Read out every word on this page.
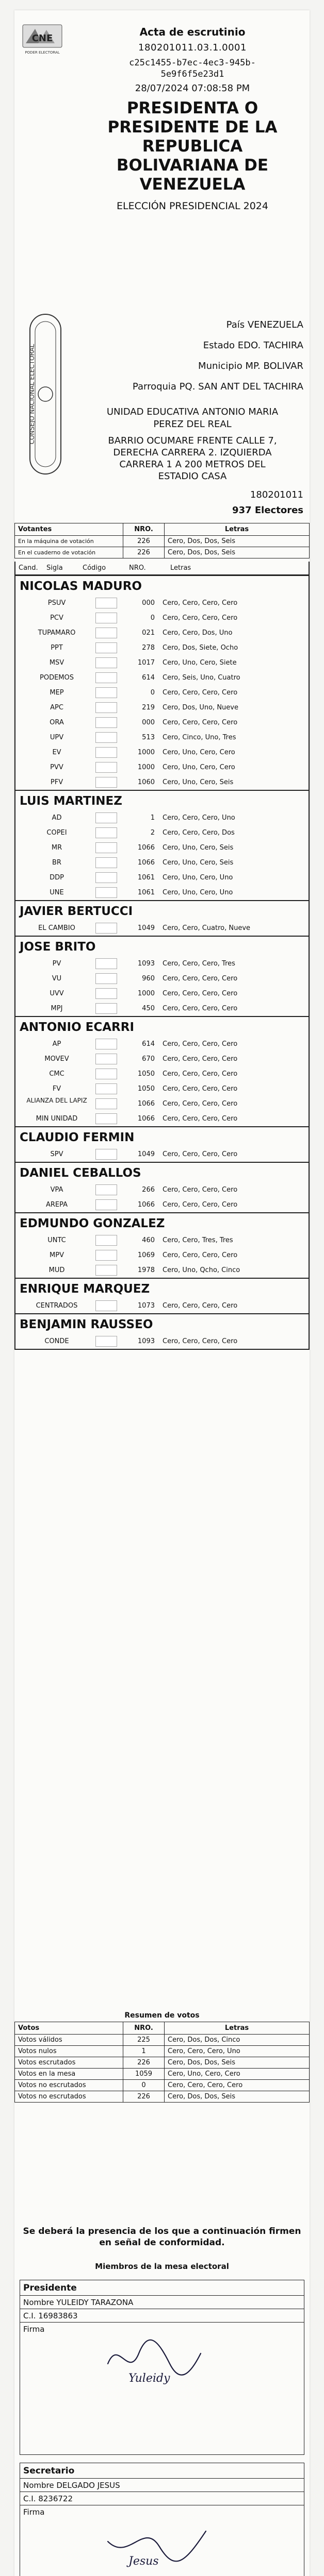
CNE
PODER ELECTORAL
Acta de escrutinio
180201011.03.1.0001
c25c1455-b7ec-4ec3-945b-
5e9f6f5e23d1
28/07/2024 07:08:58 PM
PRESIDENTA O
PRESIDENTE DE LA
REPUBLICA
BOLIVARIANA DE
VENEZUELA
ELECCIÓN PRESIDENCIAL 2024
CONSEJO NACIONAL ELECTORAL
País VENEZUELA
Estado EDO. TACHIRA
Municipio MP. BOLIVAR
Parroquia PQ. SAN ANT DEL TACHIRA
UNIDAD EDUCATIVA ANTONIO MARIA
PEREZ DEL REAL
BARRIO OCUMARE FRENTE CALLE 7,
DERECHA CARRERA 2. IZQUIERDA
CARRERA 1 A 200 METROS DEL
ESTADIO CASA
180201011
937 Electores
Votantes	NRO.	Letras
En la máquina de votación	226	Cero, Dos, Dos, Seis
En el cuaderno de votación	226	Cero, Dos, Dos, Seis
Cand.	Sigla	Código	NRO.	Letras
NICOLAS MADURO
PSUV	000 Cero, Cero, Cero, Cero
PCV	0 Cero, Cero, Cero, Cero
TUPAMARO	021 Cero, Cero, Dos, Uno
PPT	278 Cero, Dos, Siete, Ocho
MSV	1017 Cero, Uno, Cero, Siete
PODEMOS	614 Cero, Seis, Uno, Cuatro
MEP	0 Cero, Cero, Cero, Cero
APC	219 Cero, Dos, Uno, Nueve
ORA	000 Cero, Cero, Cero, Cero
UPV	513 Cero, Cinco, Uno, Tres
EV	1000 Cero, Uno, Cero, Cero
PVV	1000 Cero, Uno, Cero, Cero
PFV	1060 Cero, Uno, Cero, Seis
LUIS MARTINEZ
AD	1 Cero, Cero, Cero, Uno
COPEI	2 Cero, Cero, Cero, Dos
MR	1066 Cero, Uno, Cero, Seis
BR	1066 Cero, Uno, Cero, Seis
DDP	1061 Cero, Uno, Cero, Uno
UNE	1061 Cero, Uno, Cero, Uno
JAVIER BERTUCCI
EL CAMBIO	1049 Cero, Cero, Cuatro, Nueve
JOSE BRITO
PV	1093 Cero, Cero, Cero, Tres
VU	960 Cero, Cero, Cero, Cero
UVV	1000 Cero, Cero, Cero, Cero
MPJ	450 Cero, Cero, Cero, Cero
ANTONIO ECARRI
AP	614 Cero, Cero, Cero, Cero
MOVEV	670 Cero, Cero, Cero, Cero
CMC	1050 Cero, Cero, Cero, Cero
FV	1050 Cero, Cero, Cero, Cero
ALIANZA DEL LAPIZ	1066 Cero, Cero, Cero, Cero
MIN UNIDAD	1066 Cero, Cero, Cero, Cero
CLAUDIO FERMIN
SPV	1049 Cero, Cero, Cero, Cero
DANIEL CEBALLOS
VPA	266 Cero, Cero, Cero, Cero
AREPA	1066 Cero, Cero, Cero, Cero
EDMUNDO GONZALEZ
UNTC	460 Cero, Cero, Tres, Tres
MPV	1069 Cero, Cero, Cero, Cero
MUD	1978 Cero, Uno, Qcho, Cinco
ENRIQUE MARQUEZ
CENTRADOS	1073 Cero, Cero, Cero, Cero
BENJAMIN RAUSSEO
CONDE	1093 Cero, Cero, Cero, Cero
Resumen de votos
Votos	NRO.	Letras
Votos válidos	225	Cero, Dos, Dos, Cinco
Votos nulos	1	Cero, Cero, Cero, Uno
Votos escrutados	226	Cero, Dos, Dos, Seis
Votos en la mesa	1059	Cero, Uno, Cero, Cero
Votos no escrutados	0	Cero, Cero, Cero, Cero
Votos no escrutados	226	Cero, Dos, Dos, Seis
Se deberá la presencia de los que a continuación firmen en señal de conformidad.
Miembros de la mesa electoral
Presidente
Nombre YULEIDY TARAZONA
C.I. 16983863
Firma
Yuleidy
Secretario
Nombre DELGADO JESUS
C.I. 8236722
Firma
Jesus
